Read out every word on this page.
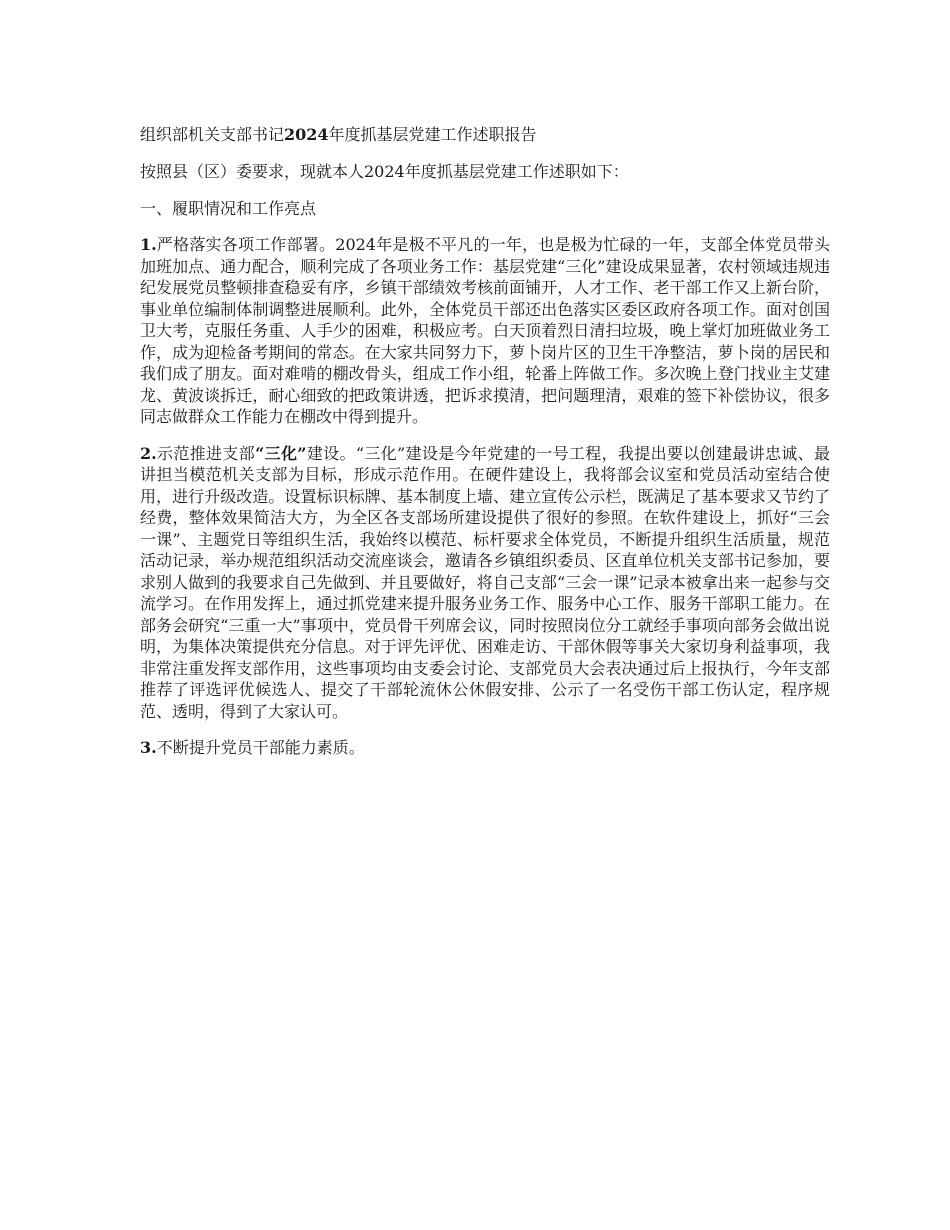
组织部机关支部书记2024年度抓基层党建工作述职报告

按照县（区）委要求，现就本人2024年度抓基层党建工作述职如下：

一、履职情况和工作亮点

1.严格落实各项工作部署。2024年是极不平凡的一年，也是极为忙碌的一年，支部全体党员带头加班加点、通力配合，顺利完成了各项业务工作：基层党建“三化”建设成果显著，农村领域违规违纪发展党员整顿排查稳妥有序，乡镇干部绩效考核前面铺开，人才工作、老干部工作又上新台阶，事业单位编制体制调整进展顺利。此外，全体党员干部还出色落实区委区政府各项工作。面对创国卫大考，克服任务重、人手少的困难，积极应考。白天顶着烈日清扫垃圾，晚上掌灯加班做业务工作，成为迎检备考期间的常态。在大家共同努力下，萝卜岗片区的卫生干净整洁，萝卜岗的居民和我们成了朋友。面对难啃的棚改骨头，组成工作小组，轮番上阵做工作。多次晚上登门找业主艾建龙、黄波谈拆迁，耐心细致的把政策讲透，把诉求摸清，把问题理清，艰难的签下补偿协议，很多同志做群众工作能力在棚改中得到提升。

2.示范推进支部“三化”建设。“三化”建设是今年党建的一号工程，我提出要以创建最讲忠诚、最讲担当模范机关支部为目标，形成示范作用。在硬件建设上，我将部会议室和党员活动室结合使用，进行升级改造。设置标识标牌、基本制度上墙、建立宣传公示栏，既满足了基本要求又节约了经费，整体效果简洁大方，为全区各支部场所建设提供了很好的参照。在软件建设上，抓好“三会一课”、主题党日等组织生活，我始终以模范、标杆要求全体党员，不断提升组织生活质量，规范活动记录，举办规范组织活动交流座谈会，邀请各乡镇组织委员、区直单位机关支部书记参加，要求别人做到的我要求自己先做到、并且要做好，将自己支部“三会一课”记录本被拿出来一起参与交流学习。在作用发挥上，通过抓党建来提升服务业务工作、服务中心工作、服务干部职工能力。在部务会研究“三重一大”事项中，党员骨干列席会议，同时按照岗位分工就经手事项向部务会做出说明，为集体决策提供充分信息。对于评先评优、困难走访、干部休假等事关大家切身利益事项，我非常注重发挥支部作用，这些事项均由支委会讨论、支部党员大会表决通过后上报执行，今年支部推荐了评选评优候选人、提交了干部轮流休公休假安排、公示了一名受伤干部工伤认定，程序规范、透明，得到了大家认可。

3.不断提升党员干部能力素质。
